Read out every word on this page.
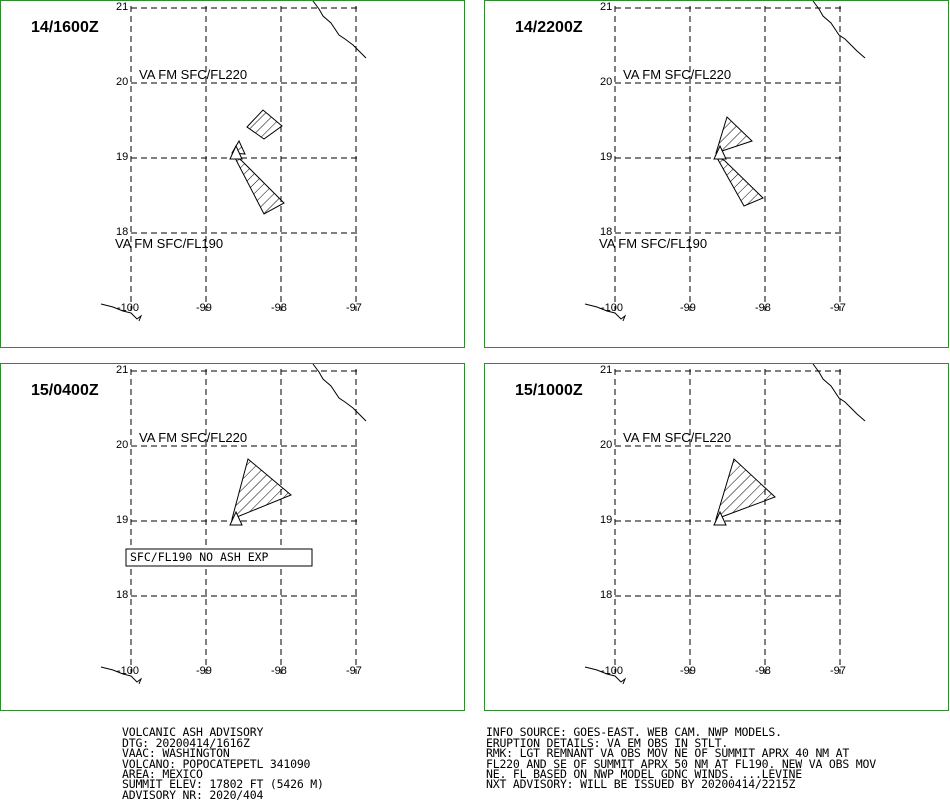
21
20
19
18
-100	-99	-98	-97
14/1600Z
VA FM SFC/FL220
VA FM SFC/FL190
21
20
19
18
-100	-99	-98	-97
14/2200Z
VA FM SFC/FL220
VA FM SFC/FL190
21
20
19
18
-100	-99	-98	-97
15/0400Z
VA FM SFC/FL220
SFC/FL190 NO ASH EXP
21
20
19
18
-100	-99	-98	-97
15/1000Z
VA FM SFC/FL220

VOLCANIC ASH ADVISORY
DTG: 20200414/1616Z
VAAC: WASHINGTON
VOLCANO: POPOCATEPETL 341090
AREA: MEXICO
SUMMIT ELEV: 17802 FT (5426 M)
ADVISORY NR: 2020/404

INFO SOURCE: GOES-EAST. WEB CAM. NWP MODELS.
ERUPTION DETAILS: VA EM OBS IN STLT.
RMK: LGT REMNANT VA OBS MOV NE OF SUMMIT APRX 40 NM AT
FL220 AND SE OF SUMMIT APRX 50 NM AT FL190. NEW VA OBS MOV
NE. FL BASED ON NWP MODEL GDNC WINDS. ...LEVINE
NXT ADVISORY: WILL BE ISSUED BY 20200414/2215Z
